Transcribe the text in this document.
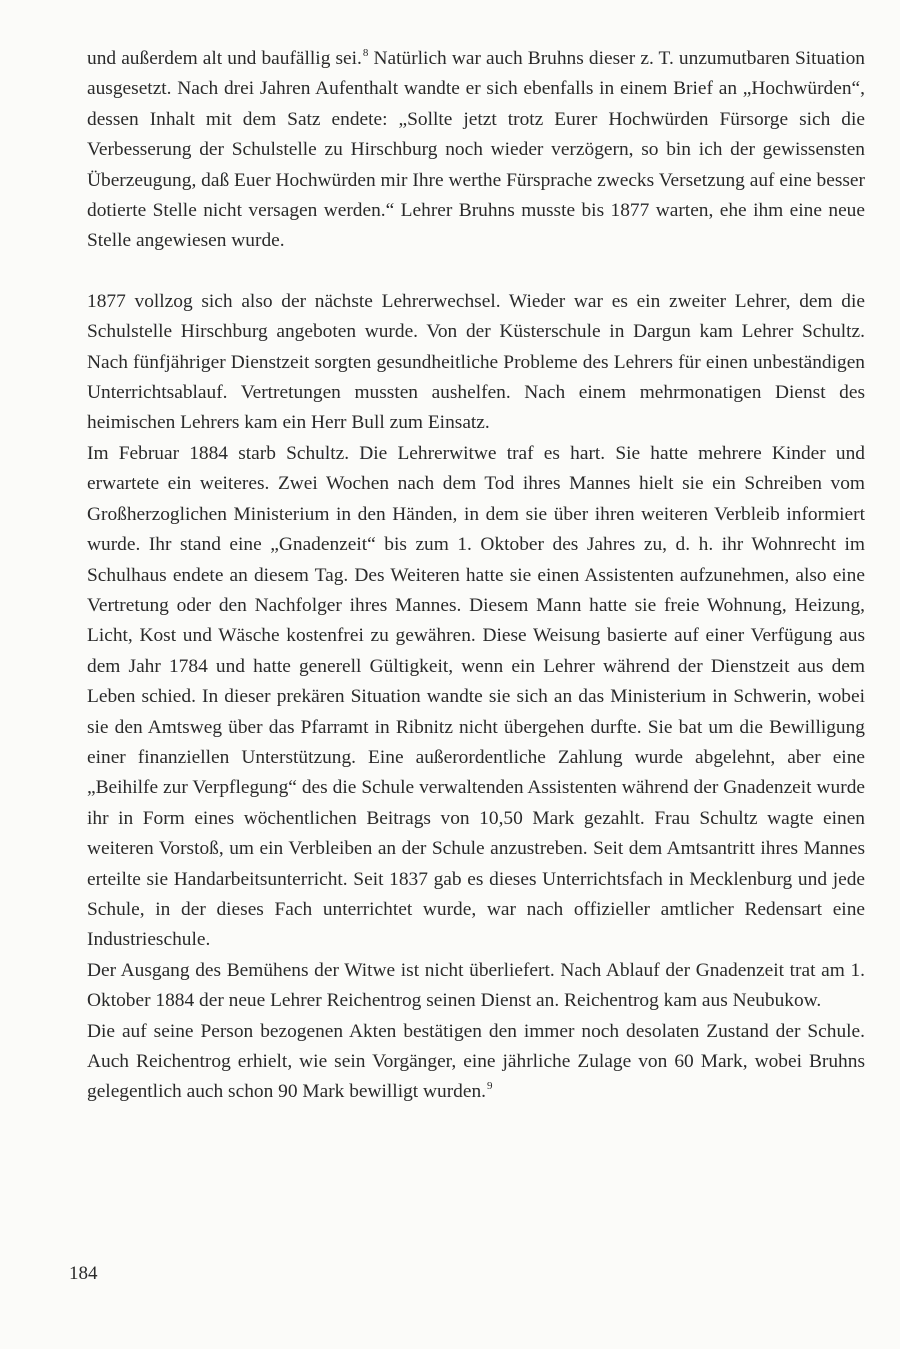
und außerdem alt und baufällig sei.$^8$ Natürlich war auch Bruhns dieser z. T. unzumutbaren Situation ausgesetzt. Nach drei Jahren Aufenthalt wandte er sich ebenfalls in einem Brief an „Hochwürden“, dessen Inhalt mit dem Satz endete: „Sollte jetzt trotz Eurer Hochwürden Fürsorge sich die Verbesserung der Schulstelle zu Hirschburg noch wieder verzögern, so bin ich der gewissensten Überzeugung, daß Euer Hochwürden mir Ihre werthe Fürsprache zwecks Versetzung auf eine besser dotierte Stelle nicht versagen werden.“ Lehrer Bruhns musste bis 1877 warten, ehe ihm eine neue Stelle angewiesen wurde.

1877 vollzog sich also der nächste Lehrerwechsel. Wieder war es ein zweiter Lehrer, dem die Schulstelle Hirschburg angeboten wurde. Von der Küsterschule in Dargun kam Lehrer Schultz. Nach fünfjähriger Dienstzeit sorgten gesundheitliche Probleme des Lehrers für einen unbeständigen Unterrichtsablauf. Vertretungen mussten aushelfen. Nach einem mehrmonatigen Dienst des heimischen Lehrers kam ein Herr Bull zum Einsatz.

Im Februar 1884 starb Schultz. Die Lehrerwitwe traf es hart. Sie hatte mehrere Kinder und erwartete ein weiteres. Zwei Wochen nach dem Tod ihres Mannes hielt sie ein Schreiben vom Großherzoglichen Ministerium in den Händen, in dem sie über ihren weiteren Verbleib informiert wurde. Ihr stand eine „Gnadenzeit“ bis zum 1. Oktober des Jahres zu, d. h. ihr Wohnrecht im Schulhaus endete an diesem Tag. Des Weiteren hatte sie einen Assistenten aufzunehmen, also eine Vertretung oder den Nachfolger ihres Mannes. Diesem Mann hatte sie freie Wohnung, Heizung, Licht, Kost und Wäsche kostenfrei zu gewähren. Diese Weisung basierte auf einer Verfügung aus dem Jahr 1784 und hatte generell Gültigkeit, wenn ein Lehrer während der Dienstzeit aus dem Leben schied. In dieser prekären Situation wandte sie sich an das Ministerium in Schwerin, wobei sie den Amtsweg über das Pfarramt in Ribnitz nicht übergehen durfte. Sie bat um die Bewilligung einer finanziellen Unterstützung. Eine außerordentliche Zahlung wurde abgelehnt, aber eine „Beihilfe zur Verpflegung“ des die Schule verwaltenden Assistenten während der Gnadenzeit wurde ihr in Form eines wöchentlichen Beitrags von 10,50 Mark gezahlt. Frau Schultz wagte einen weiteren Vorstoß, um ein Verbleiben an der Schule anzustreben. Seit dem Amtsantritt ihres Mannes erteilte sie Handarbeitsunterricht. Seit 1837 gab es dieses Unterrichtsfach in Mecklenburg und jede Schule, in der dieses Fach unterrichtet wurde, war nach offizieller amtlicher Redensart eine Industrieschule.

Der Ausgang des Bemühens der Witwe ist nicht überliefert. Nach Ablauf der Gnadenzeit trat am 1. Oktober 1884 der neue Lehrer Reichentrog seinen Dienst an. Reichentrog kam aus Neubukow.

Die auf seine Person bezogenen Akten bestätigen den immer noch desolaten Zustand der Schule. Auch Reichentrog erhielt, wie sein Vorgänger, eine jährliche Zulage von 60 Mark, wobei Bruhns gelegentlich auch schon 90 Mark bewilligt wurden.$^9$

184
